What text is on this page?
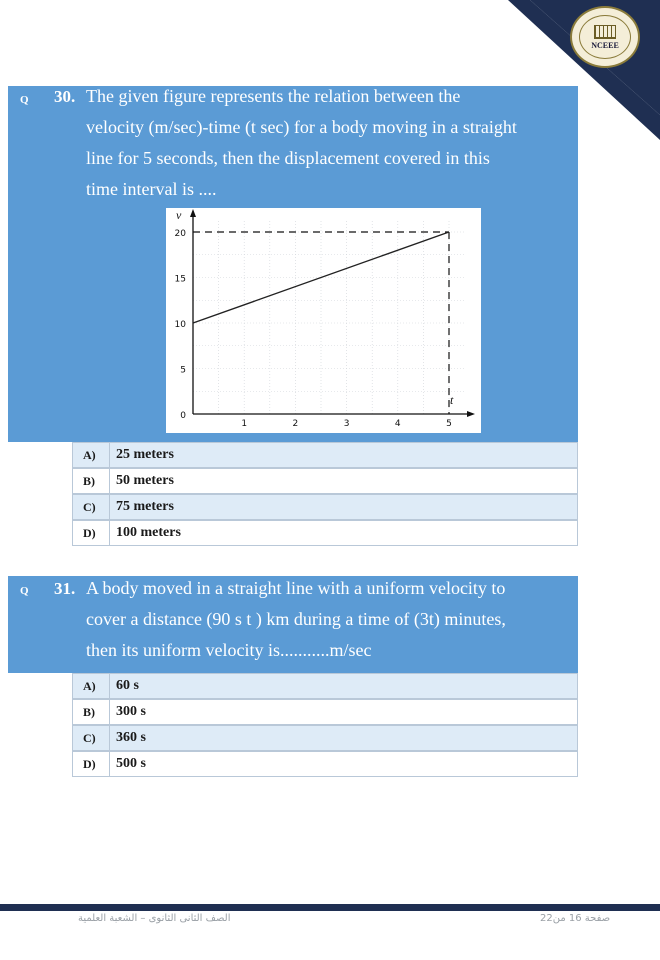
NCEEE
Q 30. The given figure represents the relation between the
velocity (m/sec)-time (t sec) for a body moving in a straight
line for 5 seconds, then the displacement covered in this
time interval is ....
v
t
0
5
10
15
20
1	2	3	4	5
A)	25 meters
B)	50 meters
C)	75 meters
D)	100 meters
Q 31. A body moved in a straight line with a uniform velocity to
cover a distance (90 s t ) km during a time of (3t) minutes,
then its uniform velocity is...........m/sec
A)	60 s
B)	300 s
C)	360 s
D)	500 s
الصف الثانى الثانوى – الشعبة العلمية	صفحة 16 من22
